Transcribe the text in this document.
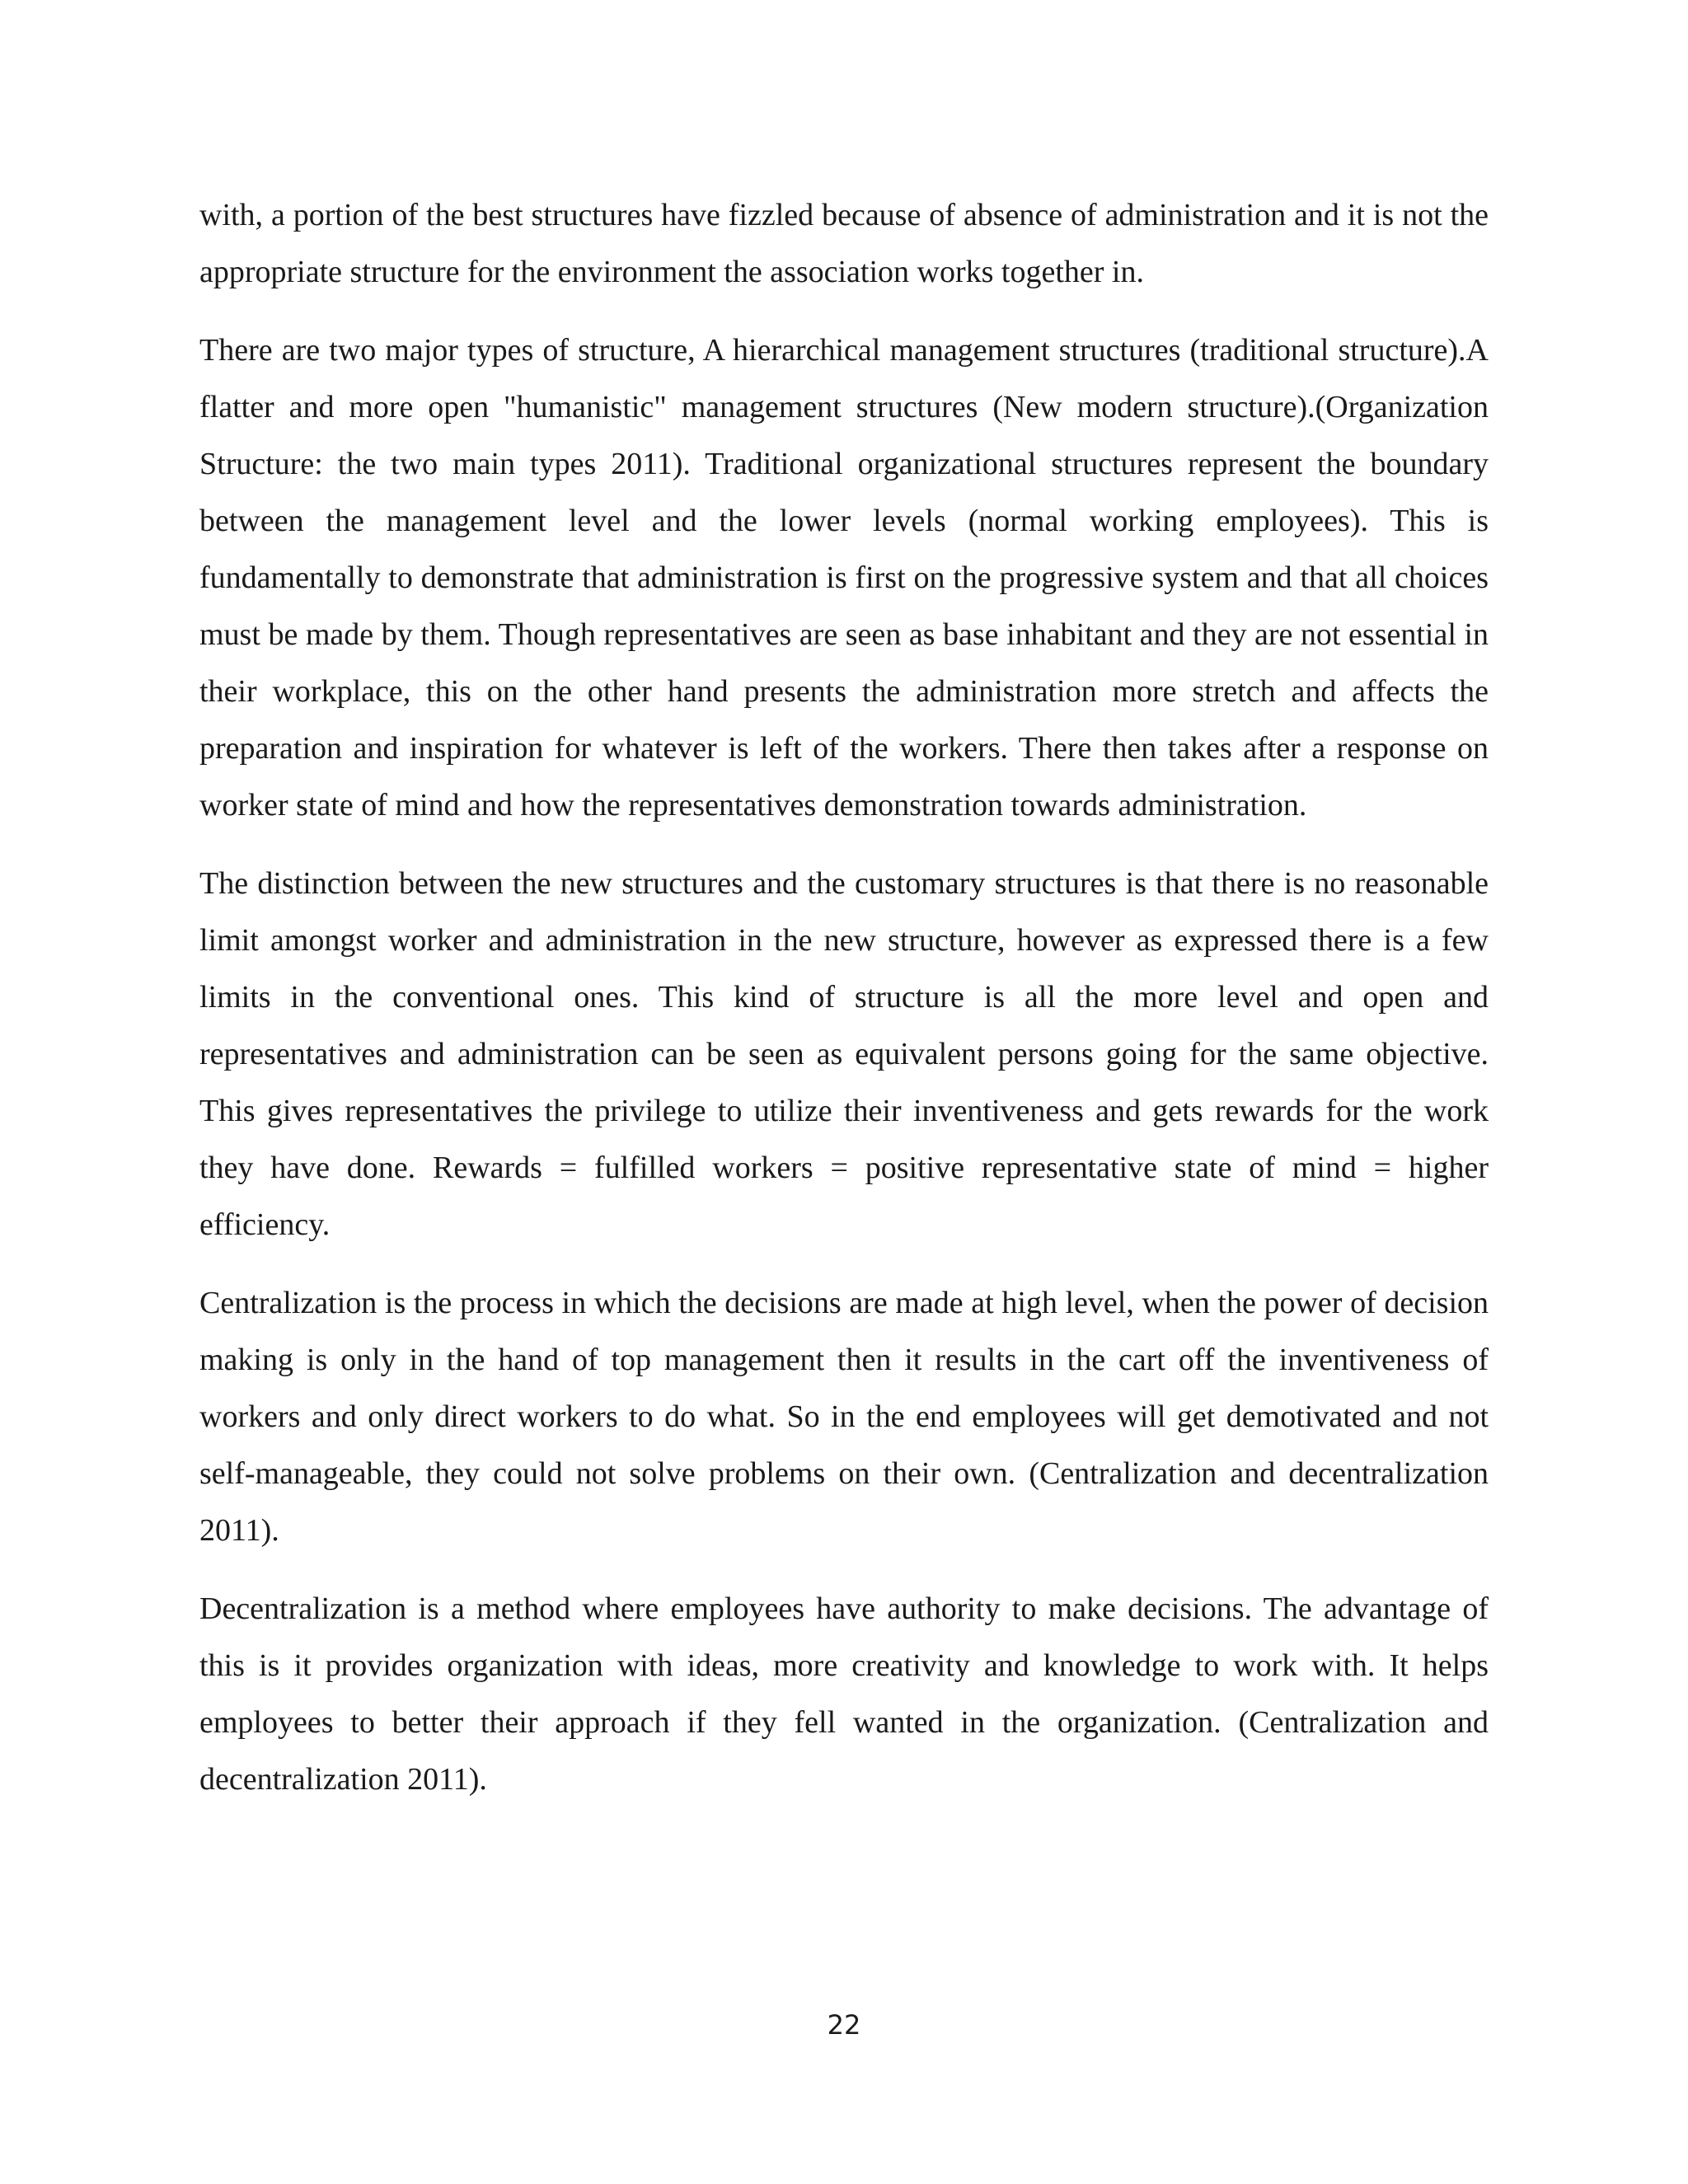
with, a portion of the best structures have fizzled because of absence of administration and it is not the appropriate structure for the environment the association works together in.

There are two major types of structure, A hierarchical management structures (traditional structure).A flatter and more open "humanistic" management structures (New modern structure).(Organization Structure: the two main types 2011). Traditional organizational structures represent the boundary between the management level and the lower levels (normal working employees). This is fundamentally to demonstrate that administration is first on the progressive system and that all choices must be made by them. Though representatives are seen as base inhabitant and they are not essential in their workplace, this on the other hand presents the administration more stretch and affects the preparation and inspiration for whatever is left of the workers. There then takes after a response on worker state of mind and how the representatives demonstration towards administration.

The distinction between the new structures and the customary structures is that there is no reasonable limit amongst worker and administration in the new structure, however as expressed there is a few limits in the conventional ones. This kind of structure is all the more level and open and representatives and administration can be seen as equivalent persons going for the same objective. This gives representatives the privilege to utilize their inventiveness and gets rewards for the work they have done. Rewards = fulfilled workers = positive representative state of mind = higher efficiency.

Centralization is the process in which the decisions are made at high level, when the power of decision making is only in the hand of top management then it results in the cart off the inventiveness of workers and only direct workers to do what. So in the end employees will get demotivated and not self-manageable, they could not solve problems on their own. (Centralization and decentralization 2011).

Decentralization is a method where employees have authority to make decisions. The advantage of this is it provides organization with ideas, more creativity and knowledge to work with. It helps employees to better their approach if they fell wanted in the organization. (Centralization and decentralization 2011).

22
